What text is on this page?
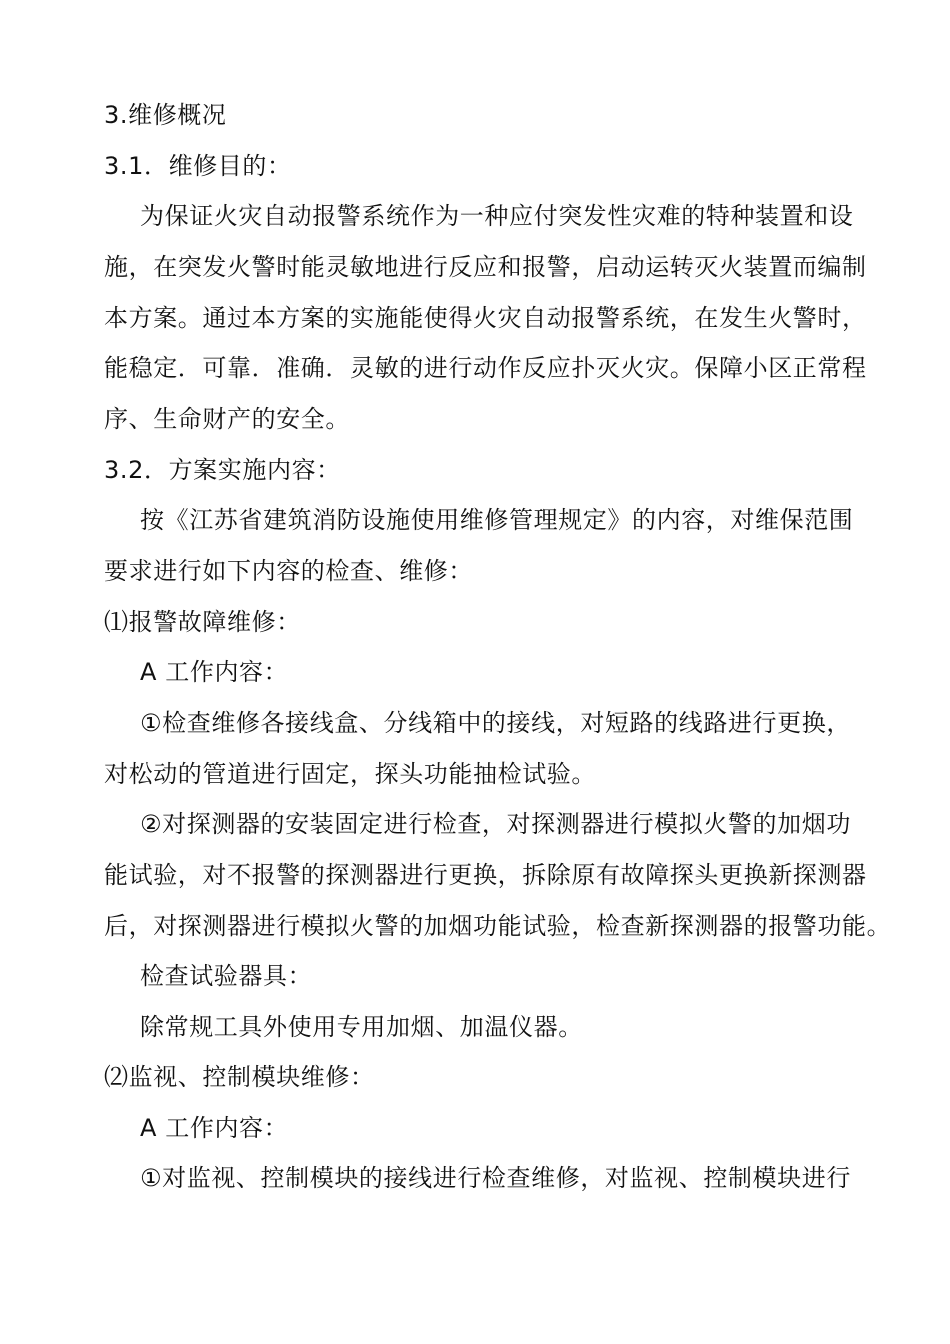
3.维修概况

3.1．维修目的：

为保证火灾自动报警系统作为一种应付突发性灾难的特种装置和设

施，在突发火警时能灵敏地进行反应和报警，启动运转灭火装置而编制

本方案。通过本方案的实施能使得火灾自动报警系统，在发生火警时，

能稳定．可靠．准确．灵敏的进行动作反应扑灭火灾。保障小区正常程

序、生命财产的安全。

3.2．方案实施内容：

按《江苏省建筑消防设施使用维修管理规定》的内容，对维保范围

要求进行如下内容的检查、维修：

⑴报警故障维修：

A 工作内容：

①检查维修各接线盒、分线箱中的接线，对短路的线路进行更换，

对松动的管道进行固定，探头功能抽检试验。

②对探测器的安装固定进行检查，对探测器进行模拟火警的加烟功

能试验，对不报警的探测器进行更换，拆除原有故障探头更换新探测器

后，对探测器进行模拟火警的加烟功能试验，检查新探测器的报警功能。

检查试验器具：

除常规工具外使用专用加烟、加温仪器。

⑵监视、控制模块维修：

A 工作内容：

①对监视、控制模块的接线进行检查维修，对监视、控制模块进行
